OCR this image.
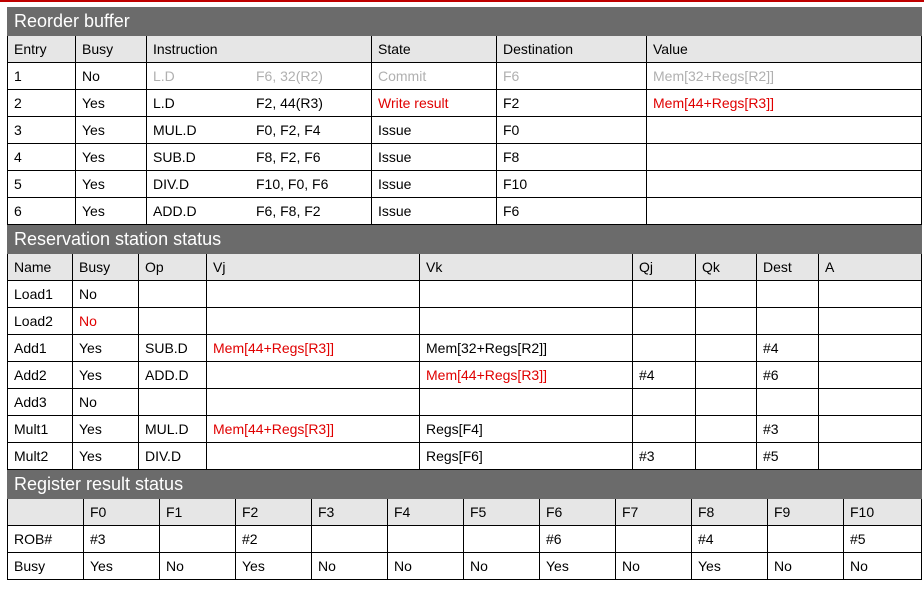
Reorder buffer					
Entry	Busy	Instruction	State	Destination	Value
1	No	L.D F6, 32(R2)	Commit	F6	Mem[32+Regs[R2]]
2	Yes	L.D F2, 44(R3)	Write result	F2	Mem[44+Regs[R3]]
3	Yes	MUL.D F0, F2, F4	Issue	F0	
4	Yes	SUB.D F8, F2, F6	Issue	F8	
5	Yes	DIV.D F10, F0, F6	Issue	F10	
6	Yes	ADD.D F6, F8, F2	Issue	F6	
Reservation station status								
Name	Busy	Op	Vj	Vk	Qj	Qk	Dest	A
Load1	No							
Load2	No							
Add1	Yes	SUB.D	Mem[44+Regs[R3]]	Mem[32+Regs[R2]]			#4	
Add2	Yes	ADD.D		Mem[44+Regs[R3]]	#4		#6	
Add3	No							
Mult1	Yes	MUL.D	Mem[44+Regs[R3]]	Regs[F4]			#3	
Mult2	Yes	DIV.D		Regs[F6]	#3		#5	
Register result status											
	F0	F1	F2	F3	F4	F5	F6	F7	F8	F9	F10
ROB#	#3		#2				#6		#4		#5
Busy	Yes	No	Yes	No	No	No	Yes	No	Yes	No	No
